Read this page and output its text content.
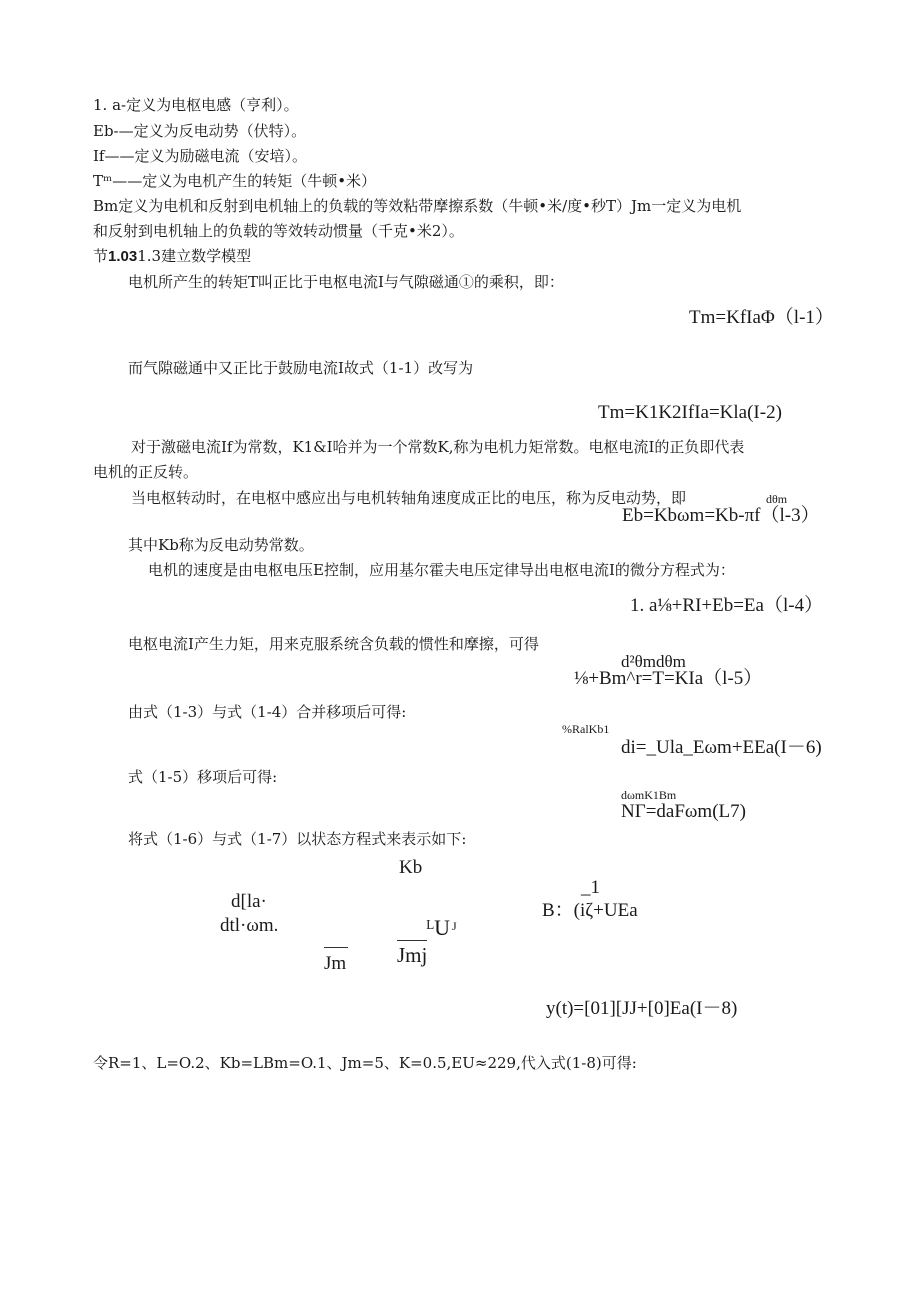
1. a-定义为电枢电感（亨利）。
Eb-—定义为反电动势（伏特）。
If——定义为励磁电流（安培）。
Tᵐ——定义为电机产生的转矩（牛顿•米）
Bm定义为电机和反射到电机轴上的负载的等效粘带摩擦系数（牛顿•米/度•秒T）Jm一定义为电机
和反射到电机轴上的负载的等效转动惯量（千克•米2）。
节1.031.3建立数学模型
电机所产生的转矩T叫正比于电枢电流I与气隙磁通①的乘积，即：
Tm=KfIaΦ（l-1）
而气隙磁通中又正比于鼓励电流I故式（1-1）改写为
Tm=K1K2IfIa=Kla(I-2)
对于激磁电流If为常数，K1&I哈并为一个常数K,称为电机力矩常数。电枢电流I的正负即代表
电机的正反转。
当电枢转动时，在电枢中感应出与电机转轴角速度成正比的电压，称为反电动势，即	dθm
Eb=Kbωm=Kb-πf（l-3）
其中Kb称为反电动势常数。
电机的速度是由电枢电压E控制，应用基尔霍夫电压定律导出电枢电流I的微分方程式为：
1. a⅛+RI+Eb=Ea（l-4）
电枢电流I产生力矩，用来克服系统含负载的惯性和摩擦，可得
d²θmdθm
⅛+Bm^r=T=KIa（l-5）
由式（1-3）与式（1-4）合并移项后可得:
%RalKb1
di=_Ula_Eωm+EEa(I－6)
式（1-5）移项后可得:
dωmK1Bm
NΓ=daFωm(L7)
将式（1-6）与式（1-7）以状态方程式来表示如下:
Kb
_1
d[la·	B：(iζ+UEa
dtl·ωm.	ᴸU J
Jm Jmj
y(t)=[01][JJ+[0]Ea(I－8)
令R=1、L=O.2、Kb=LBm=O.1、Jm=5、K=0.5,EU≈229,代入式(1-8)可得:
